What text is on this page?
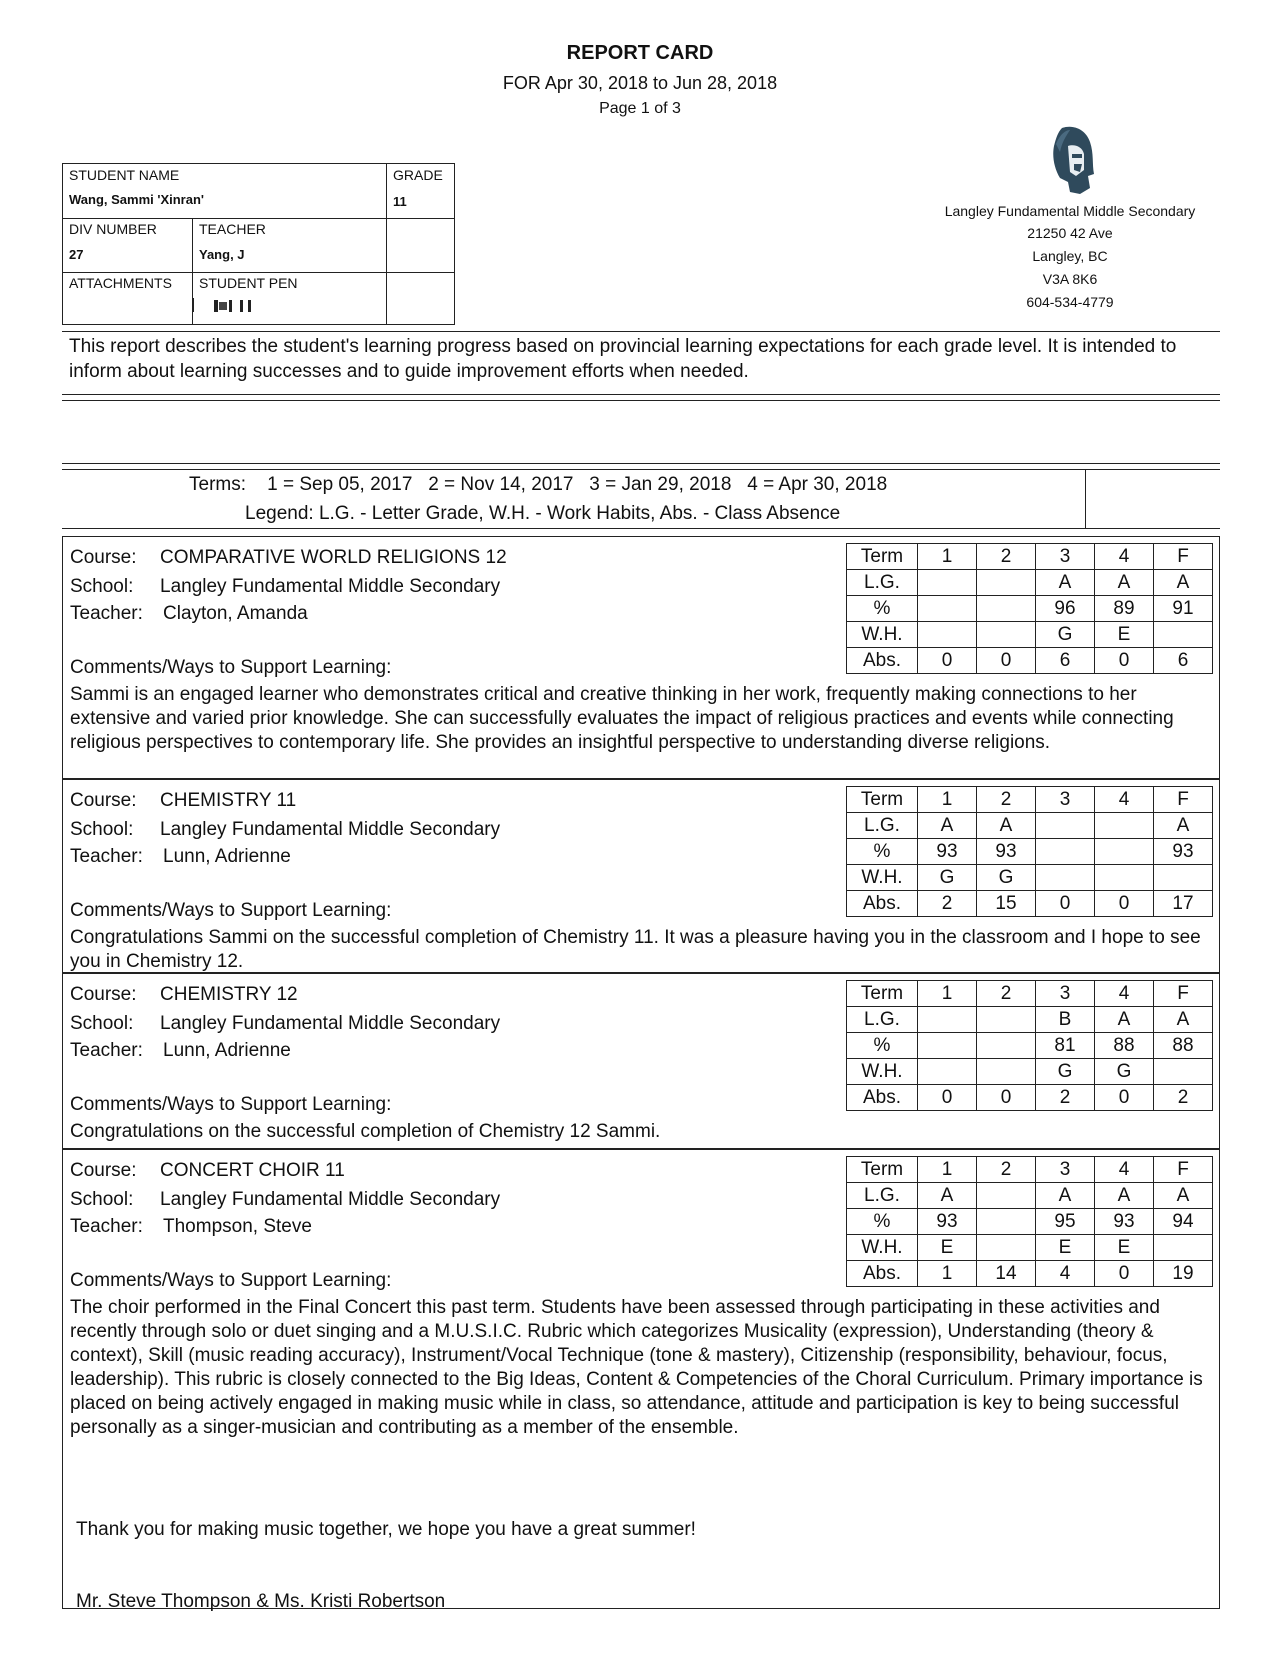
REPORT CARD
FOR Apr 30, 2018 to Jun 28, 2018
Page 1 of 3
STUDENT NAME
Wang, Sammi 'Xinran'
GRADE
11
DIV NUMBER
27
TEACHER
Yang, J
ATTACHMENTS STUDENT PEN
Langley Fundamental Middle Secondary
21250 42 Ave
Langley, BC
V3A 8K6
604-534-4779
This report describes the student's learning progress based on provincial learning expectations for each grade level. It is intended to inform about learning successes and to guide improvement efforts when needed.
Terms:    1 = Sep 05, 2017   2 = Nov 14, 2017   3 = Jan 29, 2018   4 = Apr 30, 2018
Legend: L.G. - Letter Grade, W.H. - Work Habits, Abs. - Class Absence
Course: COMPARATIVE WORLD RELIGIONS 12
School: Langley Fundamental Middle Secondary
Teacher: Clayton, Amanda
Comments/Ways to Support Learning:
Sammi is an engaged learner who demonstrates critical and creative thinking in her work, frequently making connections to her extensive and varied prior knowledge. She can successfully evaluates the impact of religious practices and events while connecting religious perspectives to contemporary life. She provides an insightful perspective to understanding diverse religions.
Term	1	2	3	4	F
L.G.			A	A	A
%			96	89	91
W.H.			G	E	
Abs.	0	0	6	0	6
Course: CHEMISTRY 11
School: Langley Fundamental Middle Secondary
Teacher: Lunn, Adrienne
Comments/Ways to Support Learning:
Congratulations Sammi on the successful completion of Chemistry 11. It was a pleasure having you in the classroom and I hope to see you in Chemistry 12.
Term	1	2	3	4	F
L.G.	A	A			A
%	93	93			93
W.H.	G	G			
Abs.	2	15	0	0	17
Course: CHEMISTRY 12
School: Langley Fundamental Middle Secondary
Teacher: Lunn, Adrienne
Comments/Ways to Support Learning:
Congratulations on the successful completion of Chemistry 12 Sammi.
Term	1	2	3	4	F
L.G.			B	A	A
%			81	88	88
W.H.			G	G	
Abs.	0	0	2	0	2
Course: CONCERT CHOIR 11
School: Langley Fundamental Middle Secondary
Teacher: Thompson, Steve
Comments/Ways to Support Learning:
The choir performed in the Final Concert this past term. Students have been assessed through participating in these activities and recently through solo or duet singing and a M.U.S.I.C. Rubric which categorizes Musicality (expression), Understanding (theory & context), Skill (music reading accuracy), Instrument/Vocal Technique (tone & mastery), Citizenship (responsibility, behaviour, focus, leadership). This rubric is closely connected to the Big Ideas, Content & Competencies of the Choral Curriculum. Primary importance is placed on being actively engaged in making music while in class, so attendance, attitude and participation is key to being successful personally as a singer-musician and contributing as a member of the ensemble.
Thank you for making music together, we hope you have a great summer!
Mr. Steve Thompson & Ms. Kristi Robertson
Term	1	2	3	4	F
L.G.	A		A	A	A
%	93		95	93	94
W.H.	E		E	E	
Abs.	1	14	4	0	19
